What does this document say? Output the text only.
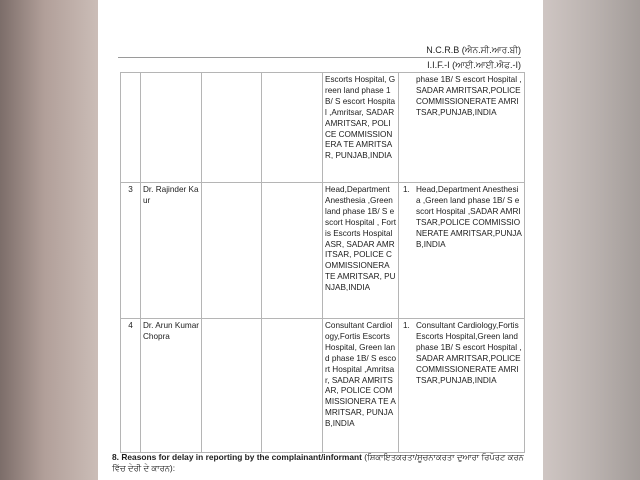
N.C.R.B (ਐਨ.ਸੀ.ਆਰ.ਬੀ)
I.I.F.-I (ਆਈ.ਆਈ.ਐਫ.-I)
				Escorts Hospital, Green land phase 1B/ S escort Hospital ,Amritsar, SADAR AMRITSAR, POLICE COMMISSIONERA TE AMRITSAR, PUNJAB,INDIA	phase 1B/ S escort Hospital , SADAR AMRITSAR,POLICE COMMISSIONERATE AMRITSAR,PUNJAB,INDIA

3	Dr. Rajinder Kaur			Head,Department Anesthesia ,Green land phase 1B/ S escort Hospital , Fortis Escorts Hospital ASR, SADAR AMRITSAR, POLICE COMMISSIONERA TE AMRITSAR, PUNJAB,INDIA	1. Head,Department Anesthesia ,Green land phase 1B/ S escort Hospital ,SADAR AMRITSAR,POLICE COMMISSIONERATE AMRITSAR,PUNJAB,INDIA

4	Dr. Arun Kumar Chopra			Consultant Cardiology,Fortis Escorts Hospital, Green land phase 1B/ S escort Hospital ,Amritsar, SADAR AMRITSAR, POLICE COMMISSIONERA TE AMRITSAR, PUNJAB,INDIA	1. Consultant Cardiology,Fortis Escorts Hospital,Green land phase 1B/ S escort Hospital , SADAR AMRITSAR,POLICE COMMISSIONERATE AMRITSAR,PUNJAB,INDIA
8. Reasons for delay in reporting by the complainant/informant (ਸ਼ਿਕਾਇਤਕਰਤਾ/ਸੂਚਨਾਕਰਤਾ ਦੁਆਰਾ ਰਿਪੋਰਟ ਕਰਨ ਵਿੱਚ ਦੇਰੀ ਦੇ ਕਾਰਨ):
